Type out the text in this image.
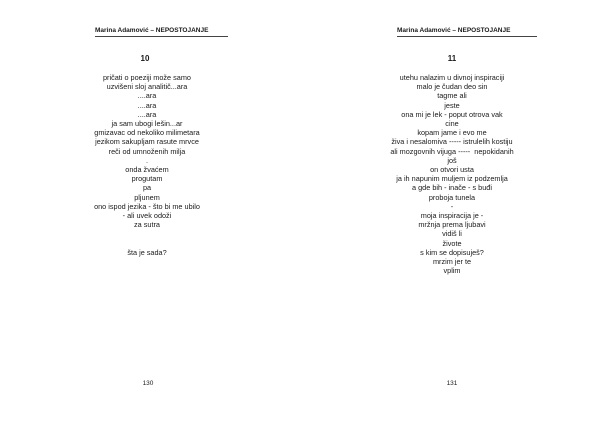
Marina Adamović – NEPOSTOJANJE
10
pričati o poeziji može samo
uzvišeni sloj analitič...ara
....ara
....ara
....ara
ja sam ubogi lešin...ar
gmizavac od nekoliko milimetara
jezikom sakupljam rasute mrvce
reči od umnoženih milja
.
onda žvaćem
progutam
pa
pljunem
ono ispod jezika - što bi me ubilo
- ali uvek odoži
za sutra
šta je sada?
130
Marina Adamović – NEPOSTOJANJE
11
utehu nalazim u divnoj inspiraciji
malo je čudan deo sin
tagme ali
jeste
ona mi je lek - poput otrova vak
cine
kopam jame i evo me
živa i nesalomiva ----- istrulelih kostiju
ali mozgovnih vijuga -----  nepokidanih
još
on otvori usta
ja ih napunim muljem iz podzemlja
a gde bih - inače - s buđi
proboja tunela
-
moja inspiracija je -
mržnja prema ljubavi
vidiš li
živote
s kim se dopisuješ?
mrzim jer te
vplim
131
